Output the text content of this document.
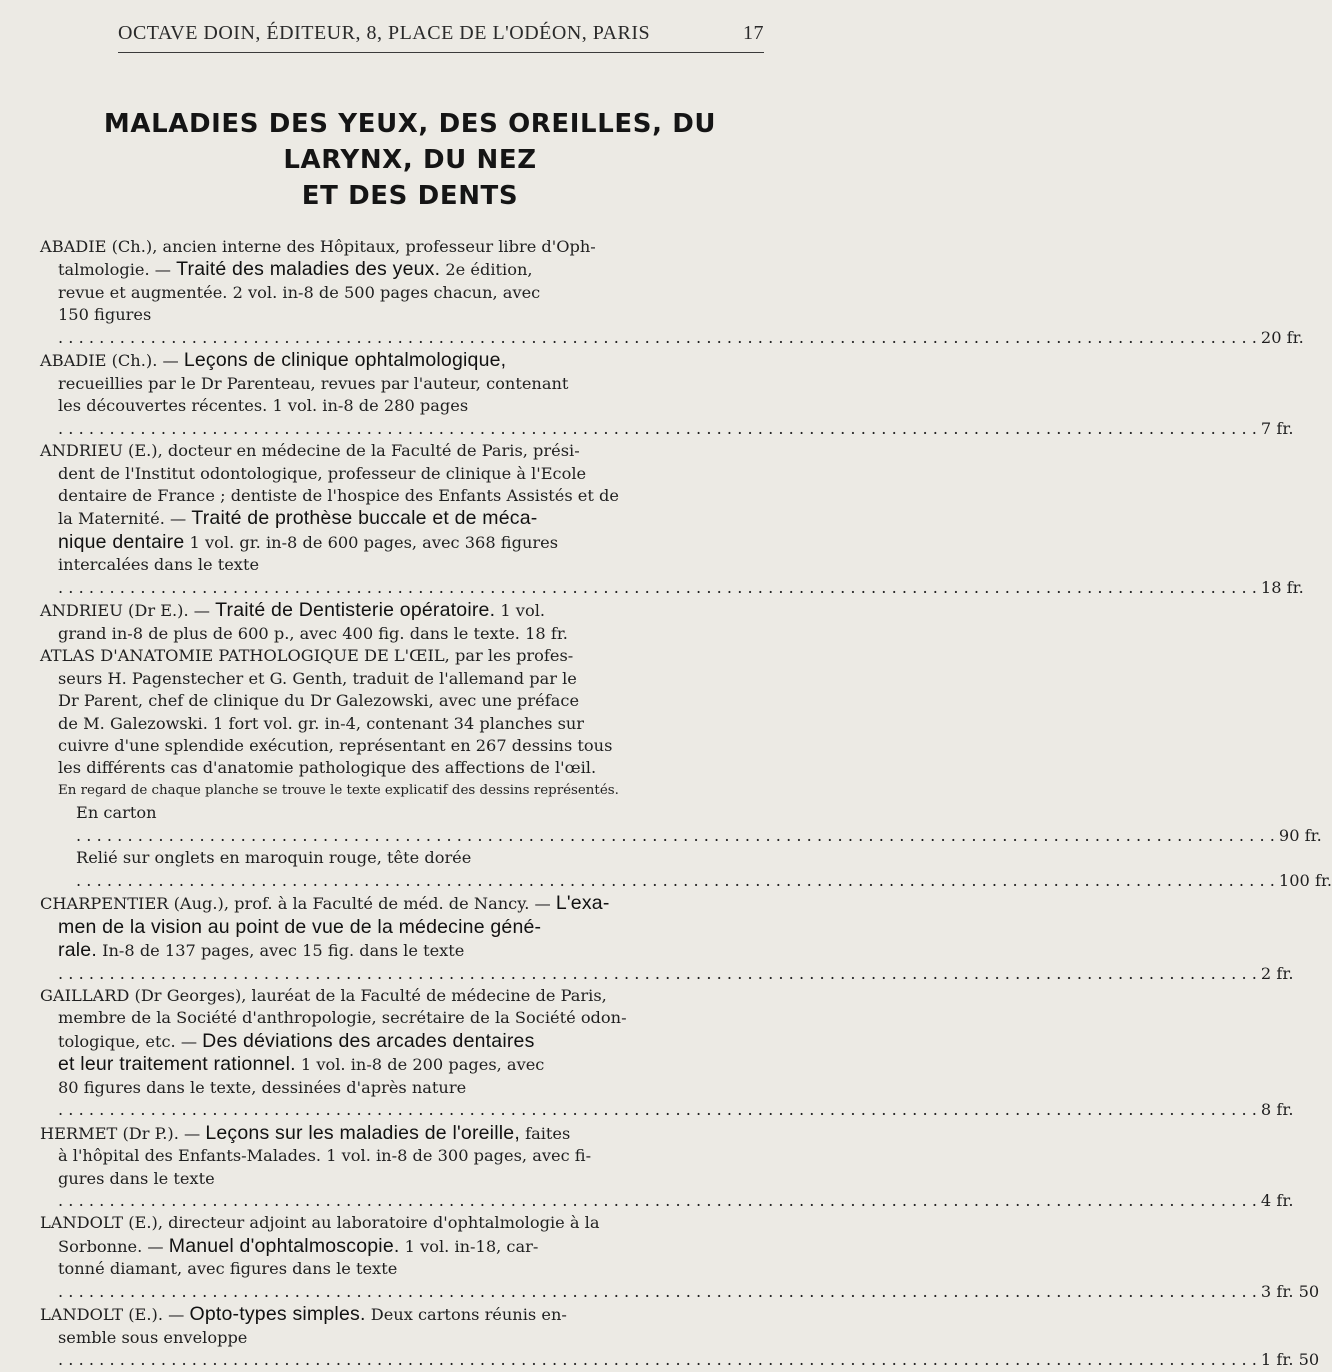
OCTAVE DOIN, ÉDITEUR, 8, PLACE DE L'ODÉON, PARIS	17
MALADIES DES YEUX, DES OREILLES, DU LARYNX, DU NEZ
ET DES DENTS
ABADIE (Ch.), ancien interne des Hôpitaux, professeur libre d'Oph-
talmologie. — Traité des maladies des yeux. 2e édition,
revue et augmentée. 2 vol. in-8 de 500 pages chacun, avec
150 figures . . .20 fr.
ABADIE (Ch.). — Leçons de clinique ophtalmologique,

recueillies par le Dr Parenteau, revues par l'auteur, contenant
les découvertes récentes. 1 vol. in-8 de 280 pages . . .7 fr.
ANDRIEU (E.), docteur en médecine de la Faculté de Paris, prési-
dent de l'Institut odontologique, professeur de clinique à l'Ecole
dentaire de France ; dentiste de l'hospice des Enfants Assistés et de
la Maternité. — Traité de prothèse buccale et de méca-
nique dentaire 1 vol. gr. in-8 de 600 pages, avec 368 figures
intercalées dans le texte . . .18 fr.
ANDRIEU (Dr E.). — Traité de Dentisterie opératoire. 1 vol.

grand in-8 de plus de 600 p., avec 400 fig. dans le texte. 18 fr.
ATLAS D'ANATOMIE PATHOLOGIQUE DE L'ŒIL, par les profes-
seurs H. Pagenstecher et G. Genth, traduit de l'allemand par le
Dr Parent, chef de clinique du Dr Galezowski, avec une préface
de M. Galezowski. 1 fort vol. gr. in-4, contenant 34 planches sur
cuivre d'une splendide exécution, représentant en 267 dessins tous
les différents cas d'anatomie pathologique des affections de l'œil.
En regard de chaque planche se trouve le texte explicatif des dessins représentés.
En carton . . .90 fr.
Relié sur onglets en maroquin rouge, tête dorée . . .100 fr.
CHARPENTIER (Aug.), prof. à la Faculté de méd. de Nancy. — L'exa-

men de la vision au point de vue de la médecine géné-
rale. In-8 de 137 pages, avec 15 fig. dans le texte . . .2 fr.
GAILLARD (Dr Georges), lauréat de la Faculté de médecine de Paris,
membre de la Société d'anthropologie, secrétaire de la Société odon-
tologique, etc. — Des déviations des arcades dentaires
et leur traitement rationnel. 1 vol. in-8 de 200 pages, avec
80 figures dans le texte, dessinées d'après nature . . .8 fr.
HERMET (Dr P.). — Leçons sur les maladies de l'oreille, faites

à l'hôpital des Enfants-Malades. 1 vol. in-8 de 300 pages, avec fi-
gures dans le texte . . .4 fr.
LANDOLT (E.), directeur adjoint au laboratoire d'ophtalmologie à la
Sorbonne. — Manuel d'ophtalmoscopie. 1 vol. in-18, car-
tonné diamant, avec figures dans le texte . . .3 fr. 50
LANDOLT (E.). — Opto-types simples. Deux cartons réunis en-

semble sous enveloppe . . .1 fr. 50
